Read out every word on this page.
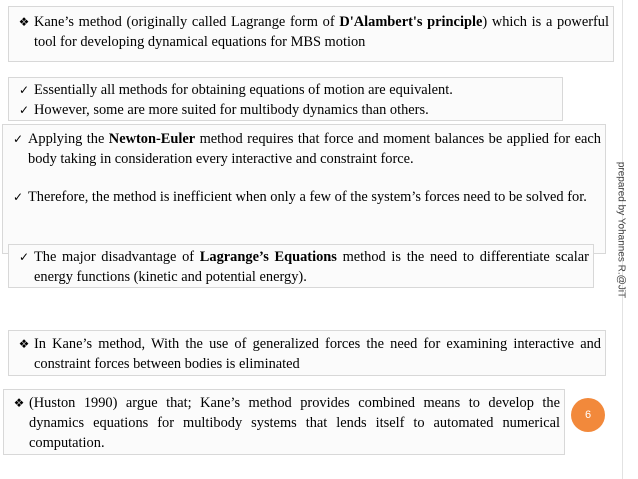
❖ Kane’s method (originally called Lagrange form of D'Alambert's principle) which is a powerful tool for developing dynamical equations for MBS motion
✓ Essentially all methods for obtaining equations of motion are equivalent.
✓ However, some are more suited for multibody dynamics than others.
✓ Applying the Newton-Euler method requires that force and moment balances be applied for each body taking in consideration every interactive and constraint force.
✓ Therefore, the method is inefficient when only a few of the system’s forces need to be solved for.
✓ The major disadvantage of Lagrange’s Equations method is the need to differentiate scalar energy functions (kinetic and potential energy).
❖ In Kane’s method, With the use of generalized forces the need for examining interactive and constraint forces between bodies is eliminated
❖ (Huston 1990) argue that; Kane’s method provides combined means to develop the dynamics equations for multibody systems that lends itself to automated numerical computation.
prepared by Yohannes R.@JiT
6
